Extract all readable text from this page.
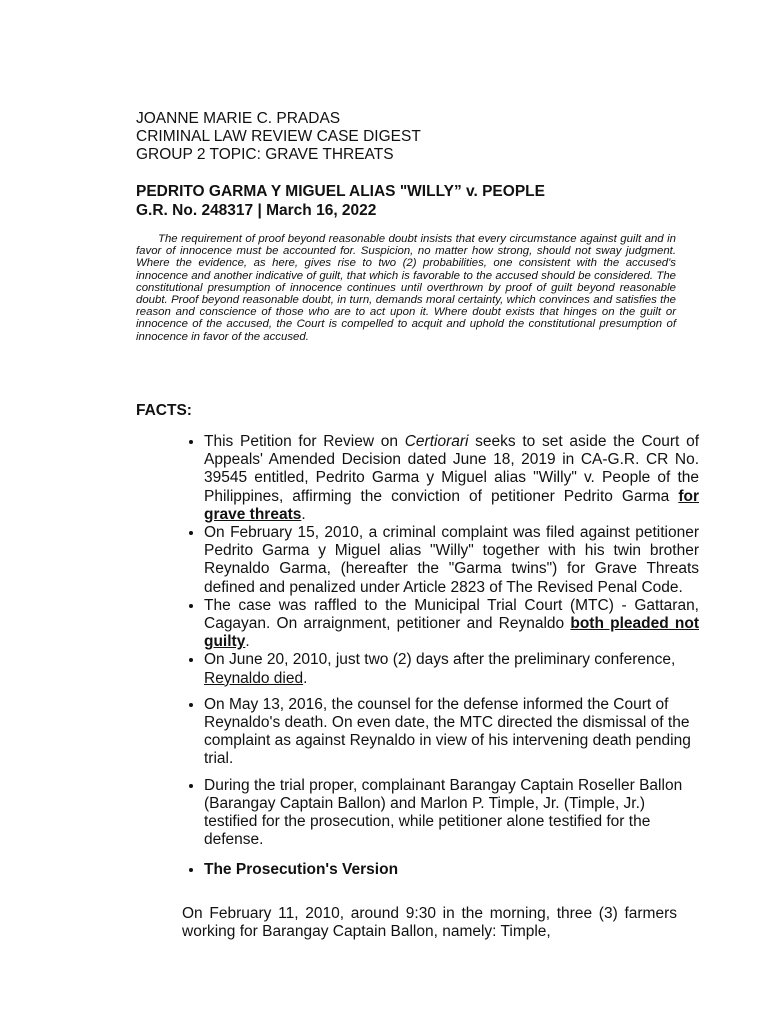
JOANNE MARIE C. PRADAS
CRIMINAL LAW REVIEW CASE DIGEST
GROUP 2 TOPIC: GRAVE THREATS
PEDRITO GARMA Y MIGUEL ALIAS "WILLY” v. PEOPLE
G.R. No. 248317 | March 16, 2022

The requirement of proof beyond reasonable doubt insists that every circumstance against guilt and in favor of innocence must be accounted for. Suspicion, no matter how strong, should not sway judgment. Where the evidence, as here, gives rise to two (2) probabilities, one consistent with the accused's innocence and another indicative of guilt, that which is favorable to the accused should be considered. The constitutional presumption of innocence continues until overthrown by proof of guilt beyond reasonable doubt. Proof beyond reasonable doubt, in turn, demands moral certainty, which convinces and satisfies the reason and conscience of those who are to act upon it. Where doubt exists that hinges on the guilt or innocence of the accused, the Court is compelled to acquit and uphold the constitutional presumption of innocence in favor of the accused.

FACTS:
• This Petition for Review on Certiorari seeks to set aside the Court of Appeals' Amended Decision dated June 18, 2019 in CA-G.R. CR No. 39545 entitled, Pedrito Garma y Miguel alias "Willy" v. People of the Philippines, affirming the conviction of petitioner Pedrito Garma for grave threats.
• On February 15, 2010, a criminal complaint was filed against petitioner Pedrito Garma y Miguel alias "Willy" together with his twin brother Reynaldo Garma, (hereafter the "Garma twins") for Grave Threats defined and penalized under Article 2823 of The Revised Penal Code.
• The case was raffled to the Municipal Trial Court (MTC) - Gattaran, Cagayan. On arraignment, petitioner and Reynaldo both pleaded not guilty.
• On June 20, 2010, just two (2) days after the preliminary conference, Reynaldo died.
• On May 13, 2016, the counsel for the defense informed the Court of Reynaldo's death. On even date, the MTC directed the dismissal of the complaint as against Reynaldo in view of his intervening death pending trial.
• During the trial proper, complainant Barangay Captain Roseller Ballon (Barangay Captain Ballon) and Marlon P. Timple, Jr. (Timple, Jr.) testified for the prosecution, while petitioner alone testified for the defense.
• The Prosecution's Version

On February 11, 2010, around 9:30 in the morning, three (3) farmers working for Barangay Captain Ballon, namely: Timple,
